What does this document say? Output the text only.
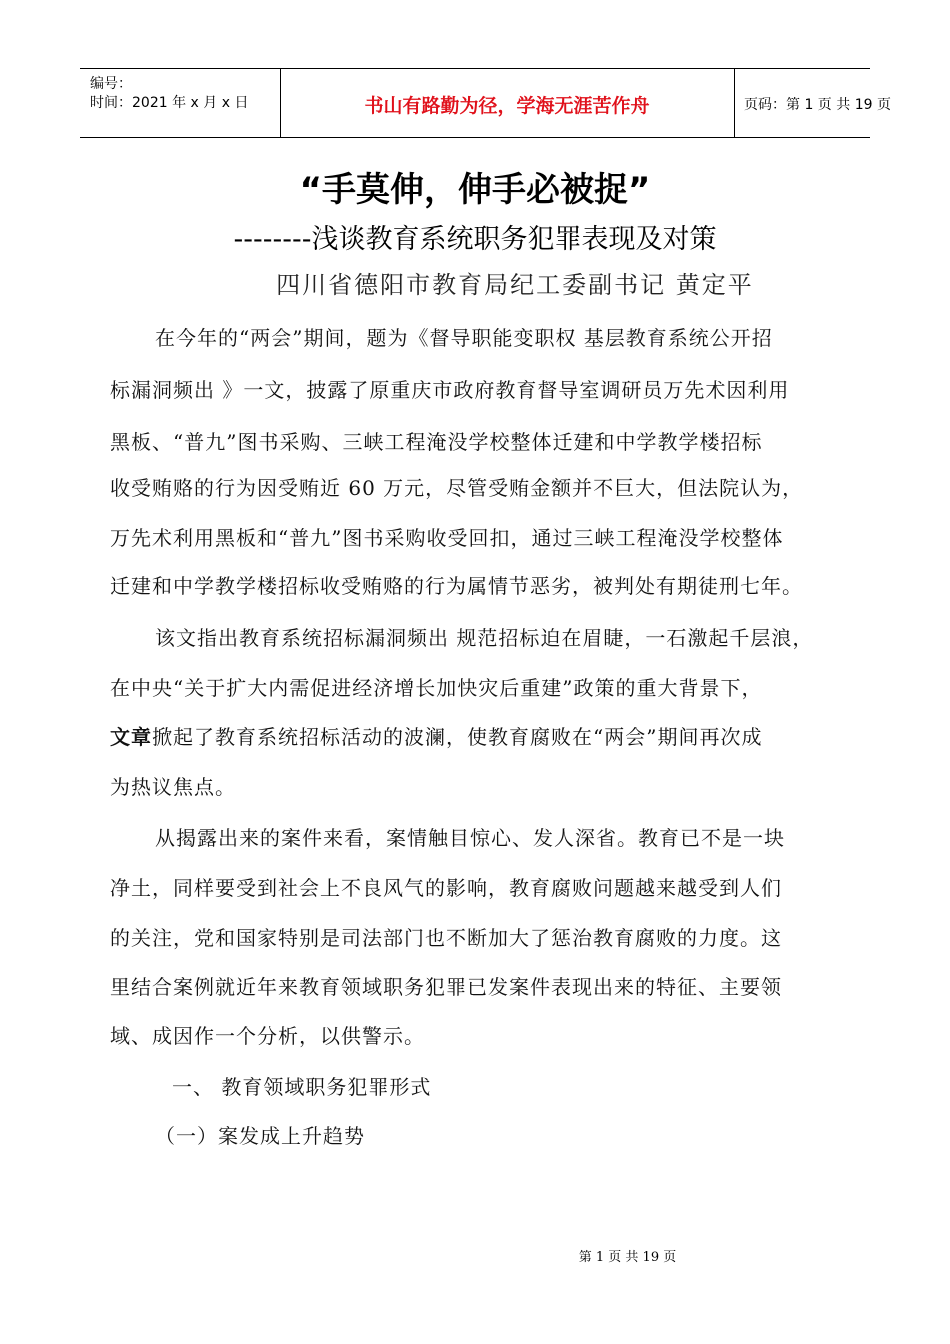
编号：
时间：2021 年 x 月 x 日	书山有路勤为径，学海无涯苦作舟	页码：第 1 页 共 19 页
“手莫伸，伸手必被捉”
--------浅谈教育系统职务犯罪表现及对策
四川省德阳市教育局纪工委副书记 黄定平
在今年的“两会”期间，题为《督导职能变职权 基层教育系统公开招
标漏洞频出 》一文，披露了原重庆市政府教育督导室调研员万先术因利用
黑板、“普九”图书采购、三峡工程淹没学校整体迁建和中学教学楼招标
收受贿赂的行为因受贿近 60 万元，尽管受贿金额并不巨大，但法院认为，
万先术利用黑板和“普九”图书采购收受回扣，通过三峡工程淹没学校整体
迁建和中学教学楼招标收受贿赂的行为属情节恶劣，被判处有期徒刑七年。
该文指出教育系统招标漏洞频出 规范招标迫在眉睫，一石激起千层浪，
在中央“关于扩大内需促进经济增长加快灾后重建”政策的重大背景下，
文章掀起了教育系统招标活动的波澜，使教育腐败在“两会”期间再次成
为热议焦点。
从揭露出来的案件来看，案情触目惊心、发人深省。教育已不是一块
净土，同样要受到社会上不良风气的影响，教育腐败问题越来越受到人们
的关注，党和国家特别是司法部门也不断加大了惩治教育腐败的力度。这
里结合案例就近年来教育领域职务犯罪已发案件表现出来的特征、主要领
域、成因作一个分析，以供警示。
一、 教育领域职务犯罪形式
（一）案发成上升趋势
第 1 页 共 19 页
